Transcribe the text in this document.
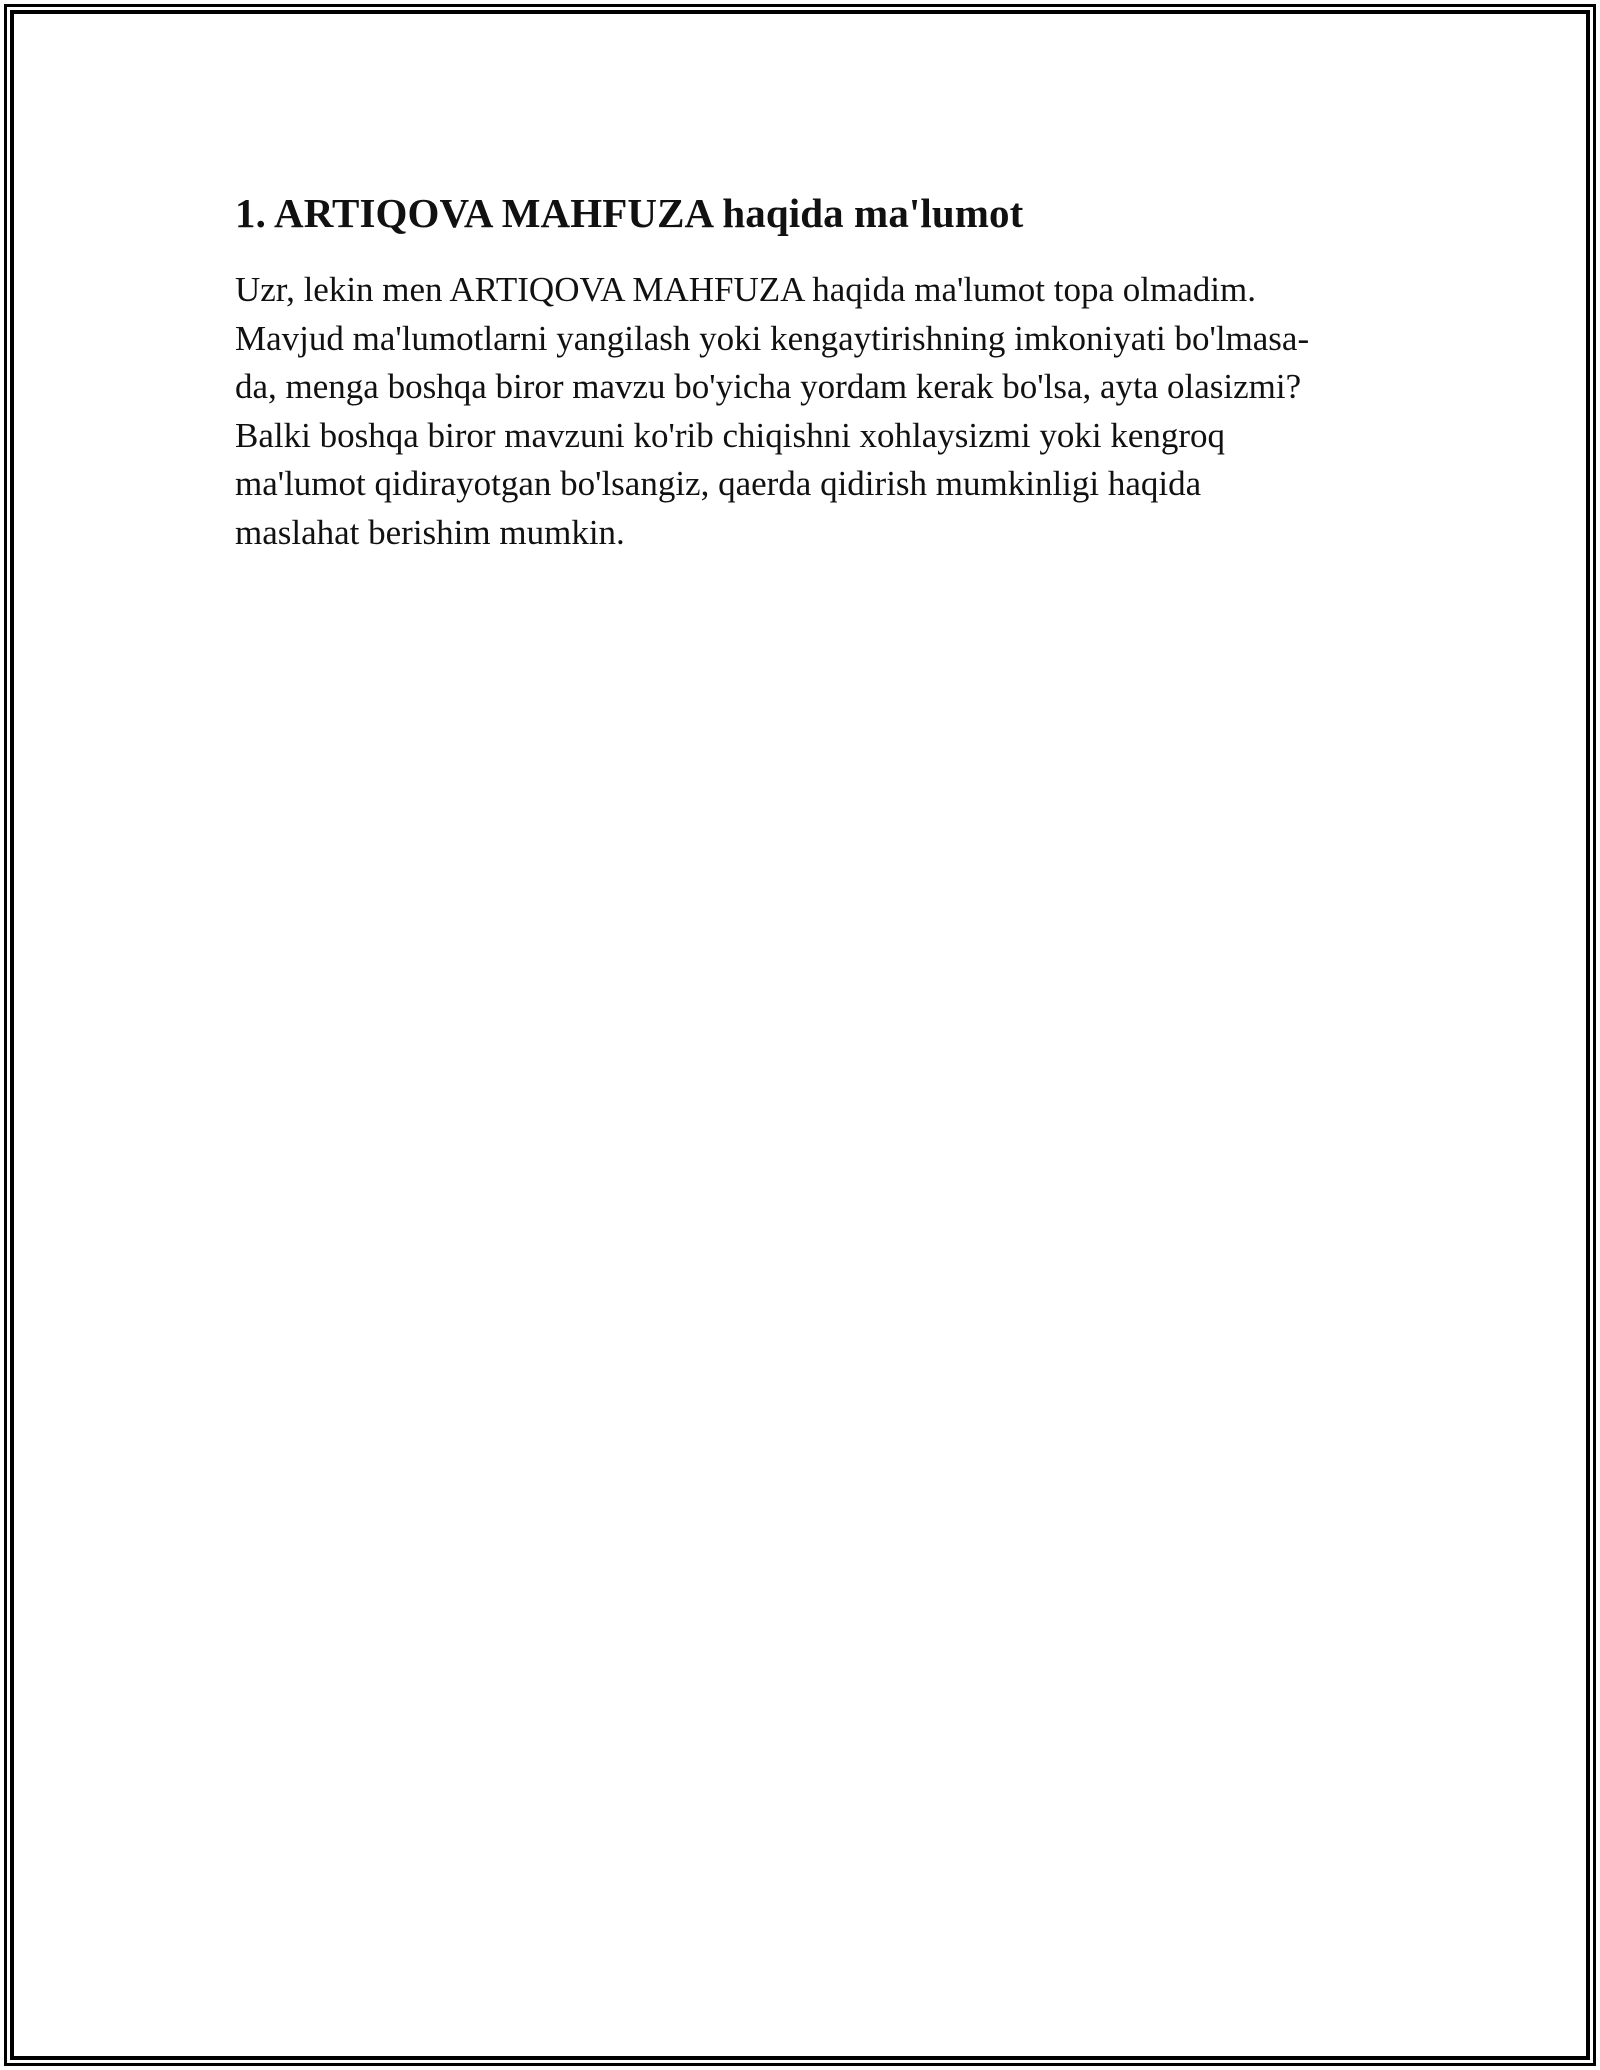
1. ARTIQOVA MAHFUZA haqida ma'lumot

Uzr, lekin men ARTIQOVA MAHFUZA haqida ma'lumot topa olmadim.
Mavjud ma'lumotlarni yangilash yoki kengaytirishning imkoniyati bo'lmasa-
da, menga boshqa biror mavzu bo'yicha yordam kerak bo'lsa, ayta olasizmi?
Balki boshqa biror mavzuni ko'rib chiqishni xohlaysizmi yoki kengroq
ma'lumot qidirayotgan bo'lsangiz, qaerda qidirish mumkinligi haqida
maslahat berishim mumkin.
